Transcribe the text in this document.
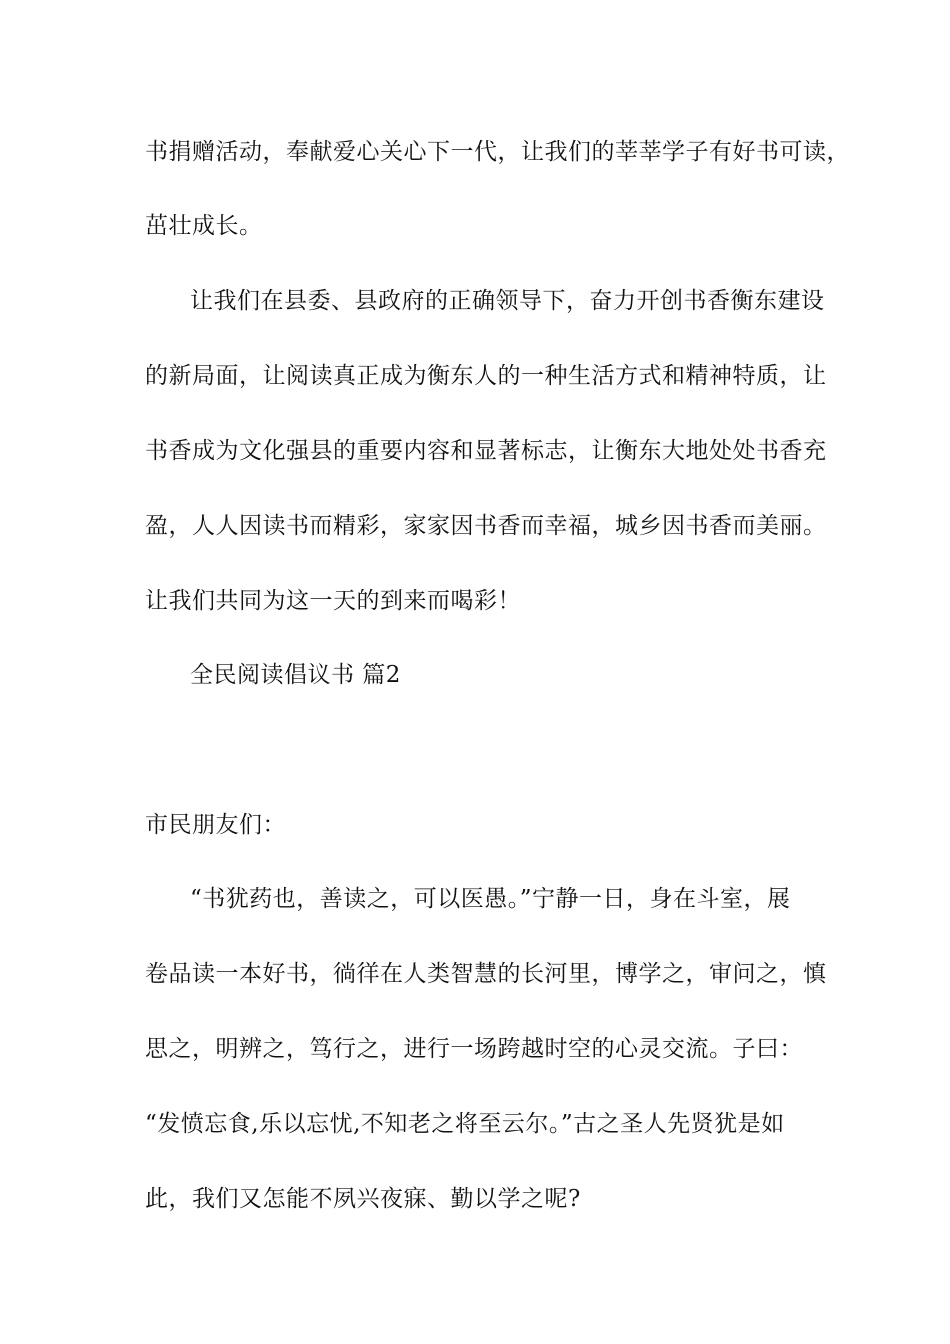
书捐赠活动，奉献爱心关心下一代，让我们的莘莘学子有好书可读，
茁壮成长。
让我们在县委、县政府的正确领导下，奋力开创书香衡东建设
的新局面，让阅读真正成为衡东人的一种生活方式和精神特质，让
书香成为文化强县的重要内容和显著标志，让衡东大地处处书香充
盈，人人因读书而精彩，家家因书香而幸福，城乡因书香而美丽。
让我们共同为这一天的到来而喝彩！
全民阅读倡议书 篇2
市民朋友们：
“书犹药也，善读之，可以医愚。”宁静一日，身在斗室，展
卷品读一本好书，徜徉在人类智慧的长河里，博学之，审问之，慎
思之，明辨之，笃行之，进行一场跨越时空的心灵交流。子曰：
“发愤忘食,乐以忘忧,不知老之将至云尔。”古之圣人先贤犹是如
此，我们又怎能不夙兴夜寐、勤以学之呢?
